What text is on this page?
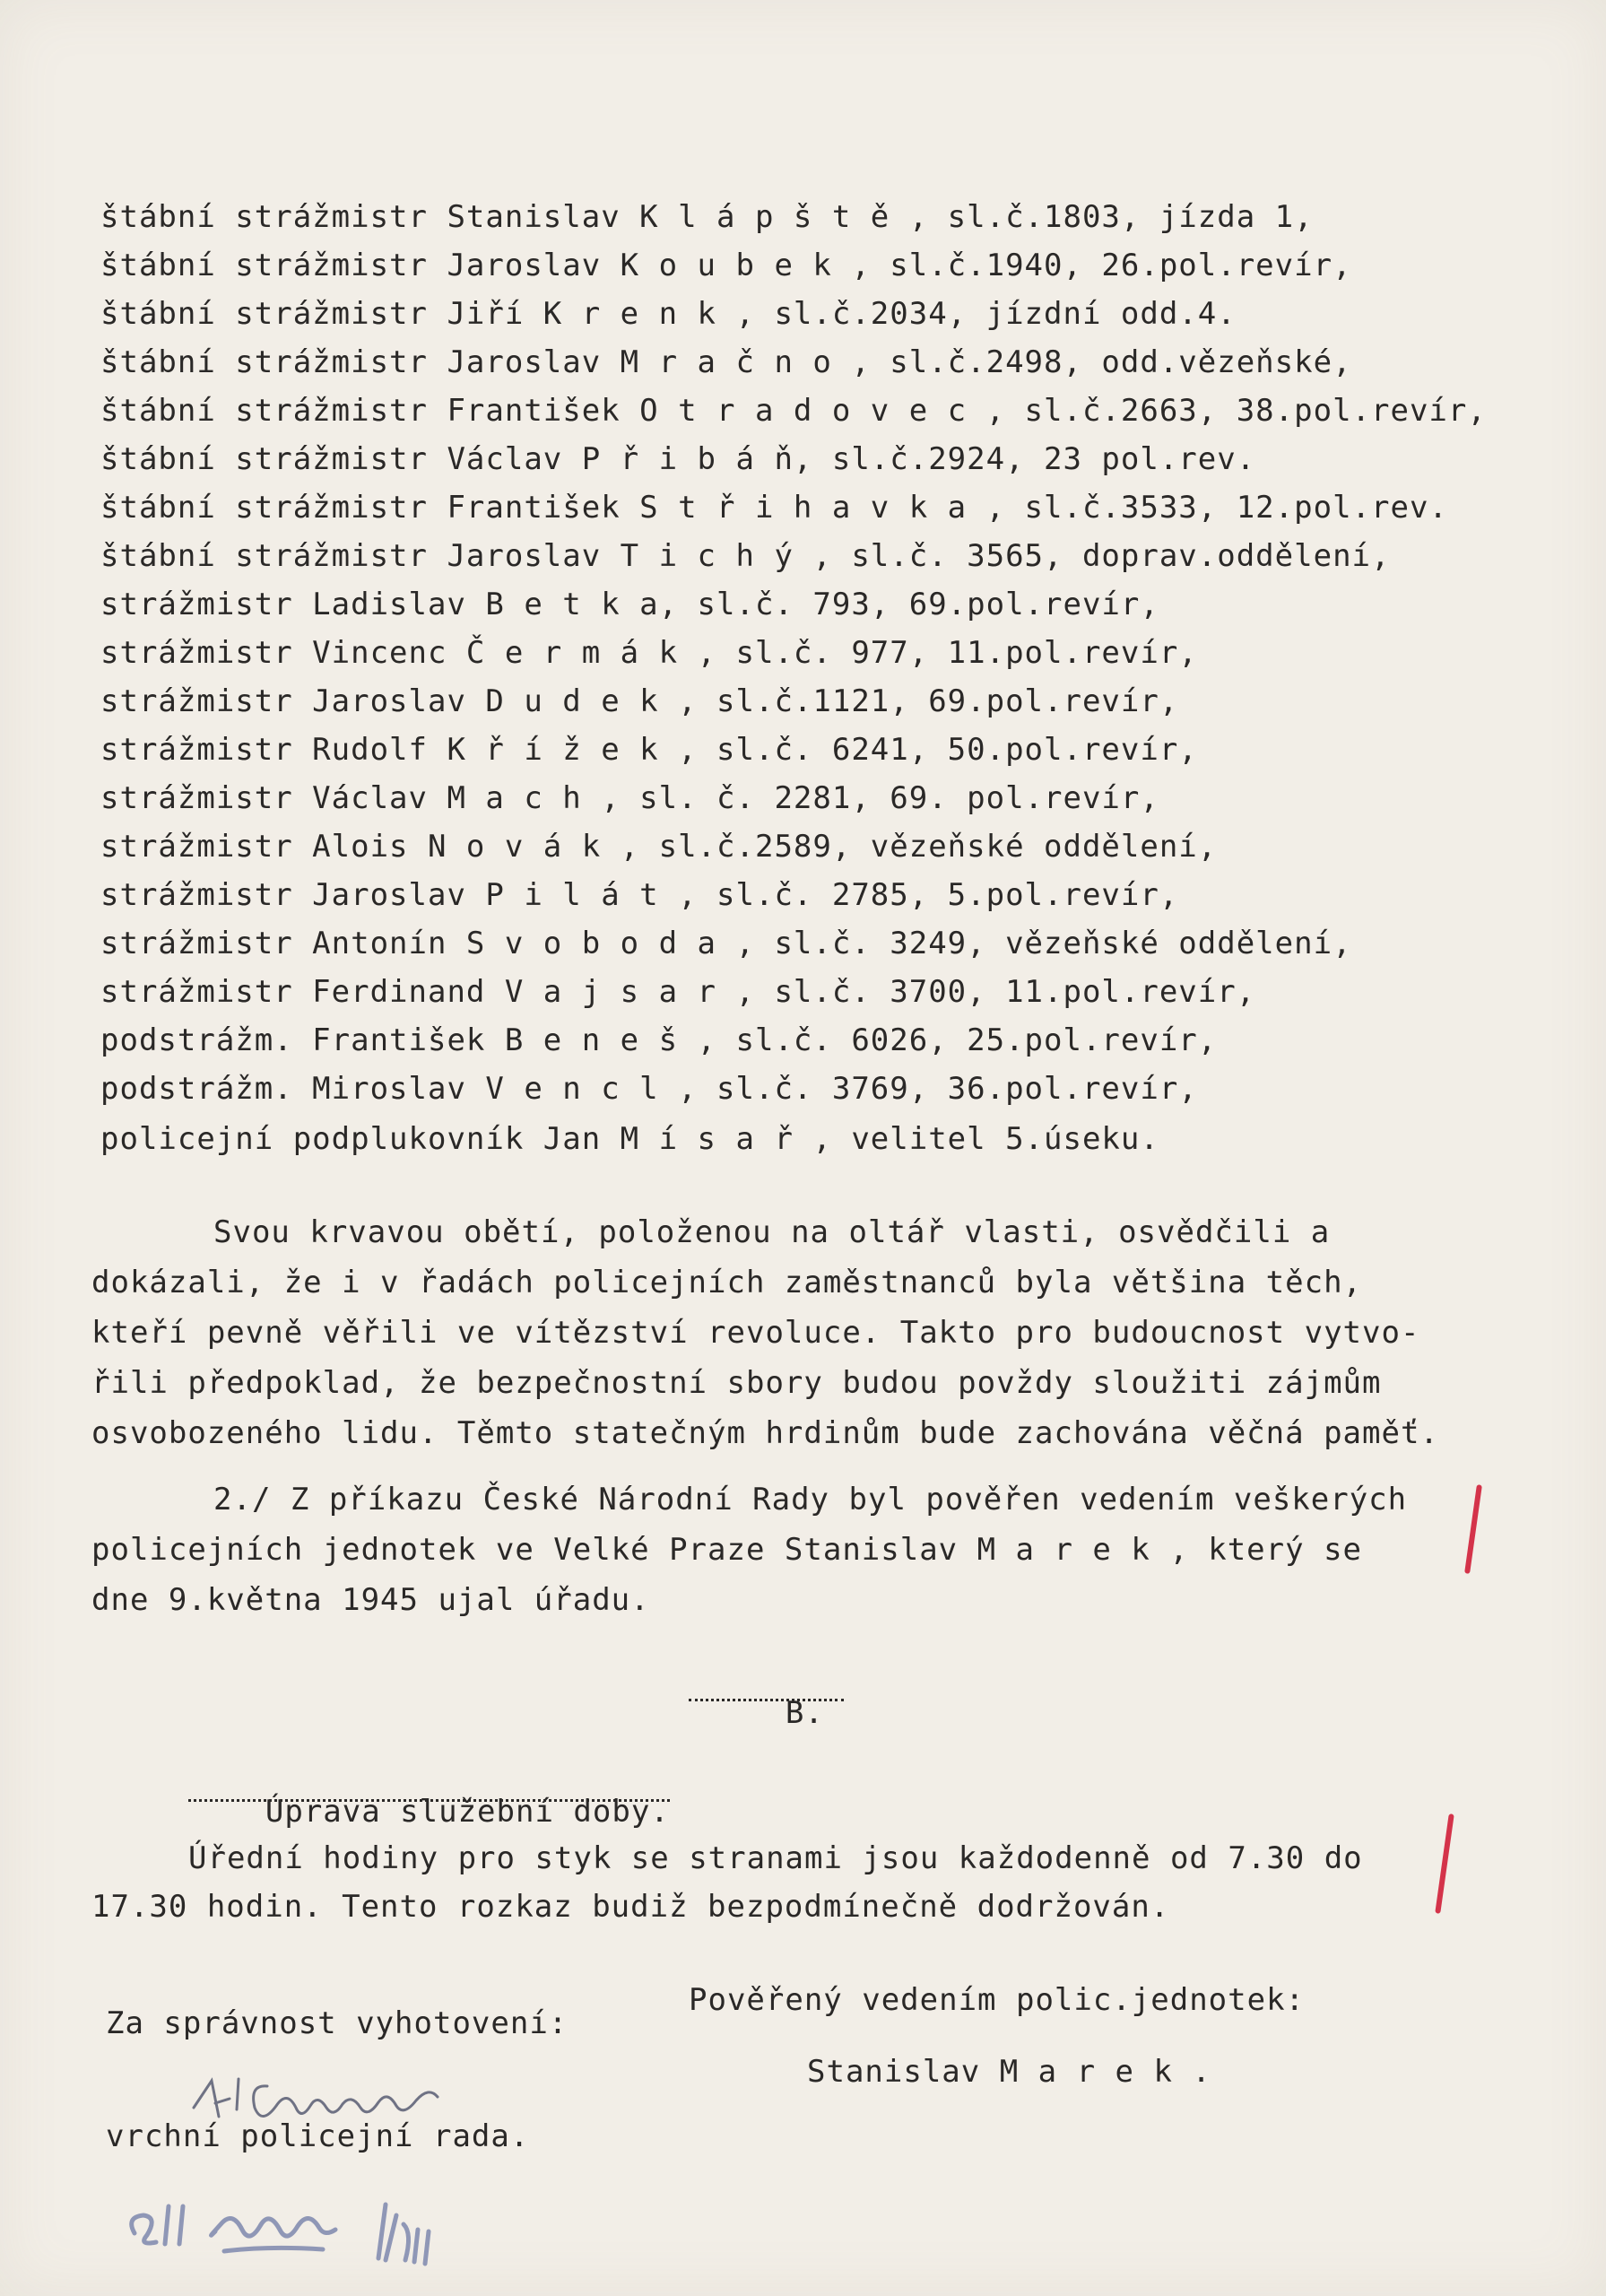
štábní strážmistr Stanislav K l á p š t ě , sl.č.1803, jízda 1,
štábní strážmistr Jaroslav K o u b e k , sl.č.1940, 26.pol.revír,
štábní strážmistr Jiří K r e n k , sl.č.2034, jízdní odd.4.
štábní strážmistr Jaroslav M r a č n o , sl.č.2498, odd.vězeňské,
štábní strážmistr František O t r a d o v e c , sl.č.2663, 38.pol.revír,
štábní strážmistr Václav P ř i b á ň, sl.č.2924, 23 pol.rev.
štábní strážmistr František S t ř i h a v k a , sl.č.3533, 12.pol.rev.
štábní strážmistr Jaroslav T i c h ý , sl.č. 3565, doprav.oddělení,
strážmistr Ladislav B e t k a, sl.č. 793, 69.pol.revír,
strážmistr Vincenc Č e r m á k , sl.č. 977, 11.pol.revír,
strážmistr Jaroslav D u d e k , sl.č.1121, 69.pol.revír,
strážmistr Rudolf K ř í ž e k , sl.č. 6241, 50.pol.revír,
strážmistr Václav M a c h , sl. č. 2281, 69. pol.revír,
strážmistr Alois N o v á k , sl.č.2589, vězeňské oddělení,
strážmistr Jaroslav P i l á t , sl.č. 2785, 5.pol.revír,
strážmistr Antonín S v o b o d a , sl.č. 3249, vězeňské oddělení,
strážmistr Ferdinand V a j s a r , sl.č. 3700, 11.pol.revír,
podstrážm. František B e n e š , sl.č. 6026, 25.pol.revír,
podstrážm. Miroslav V e n c l , sl.č. 3769, 36.pol.revír,
policejní podplukovník Jan M í s a ř , velitel 5.úseku.
Svou krvavou obětí, položenou na oltář vlasti, osvědčili a
dokázali, že i v řadách policejních zaměstnanců byla většina těch,
kteří pevně věřili ve vítězství revoluce. Takto pro budoucnost vytvo-
řili předpoklad, že bezpečnostní sbory budou povždy sloužiti zájmům
osvobozeného lidu. Těmto statečným hrdinům bude zachována věčná paměť.
2./ Z příkazu České Národní Rady byl pověřen vedením veškerých
policejních jednotek ve Velké Praze Stanislav M a r e k , který se
dne 9.května 1945 ujal úřadu.

B.

Úprava služební doby.

Úřední hodiny pro styk se stranami jsou každodenně od 7.30 do
17.30 hodin. Tento rozkaz budiž bezpodmínečně dodržován.
Pověřený vedením polic.jednotek:
Za správnost vyhotovení:
Stanislav M a r e k .
vrchní policejní rada.
